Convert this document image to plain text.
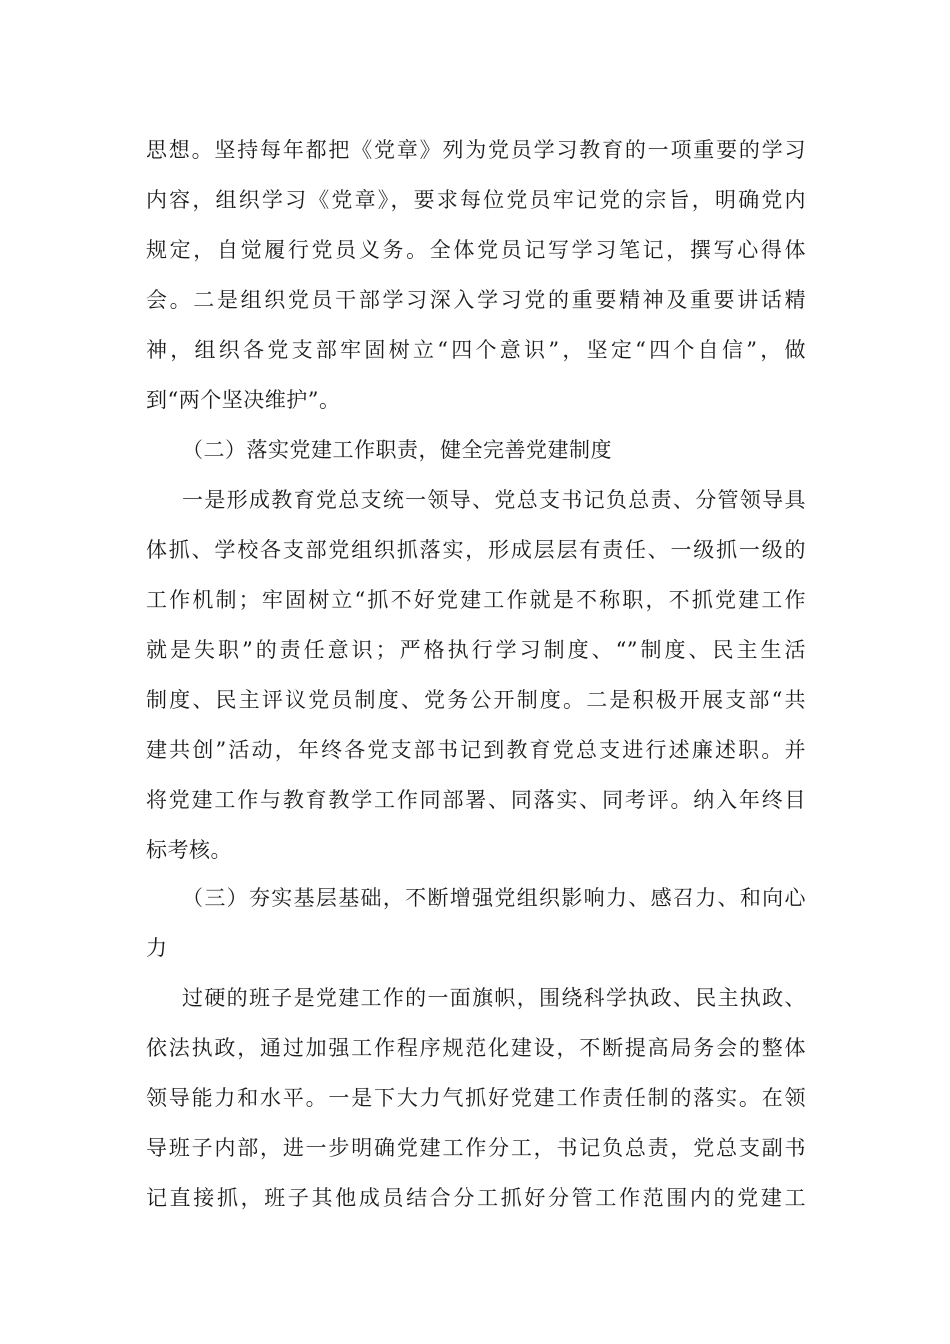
思想。坚持每年都把《党章》列为党员学习教育的一项重要的学习
内容，组织学习《党章》，要求每位党员牢记党的宗旨，明确党内
规定，自觉履行党员义务。全体党员记写学习笔记，撰写心得体
会。二是组织党员干部学习深入学习党的重要精神及重要讲话精
神，组织各党支部牢固树立“四个意识”，坚定“四个自信”，做
到“两个坚决维护”。
（二）落实党建工作职责，健全完善党建制度
一是形成教育党总支统一领导、党总支书记负总责、分管领导具
体抓、学校各支部党组织抓落实，形成层层有责任、一级抓一级的
工作机制；牢固树立“抓不好党建工作就是不称职，不抓党建工作
就是失职”的责任意识；严格执行学习制度、“”制度、民主生活
制度、民主评议党员制度、党务公开制度。二是积极开展支部“共
建共创”活动，年终各党支部书记到教育党总支进行述廉述职。并
将党建工作与教育教学工作同部署、同落实、同考评。纳入年终目
标考核。
（三）夯实基层基础，不断增强党组织影响力、感召力、和向心
力
过硬的班子是党建工作的一面旗帜，围绕科学执政、民主执政、
依法执政，通过加强工作程序规范化建设，不断提高局务会的整体
领导能力和水平。一是下大力气抓好党建工作责任制的落实。在领
导班子内部，进一步明确党建工作分工，书记负总责，党总支副书
记直接抓，班子其他成员结合分工抓好分管工作范围内的党建工
